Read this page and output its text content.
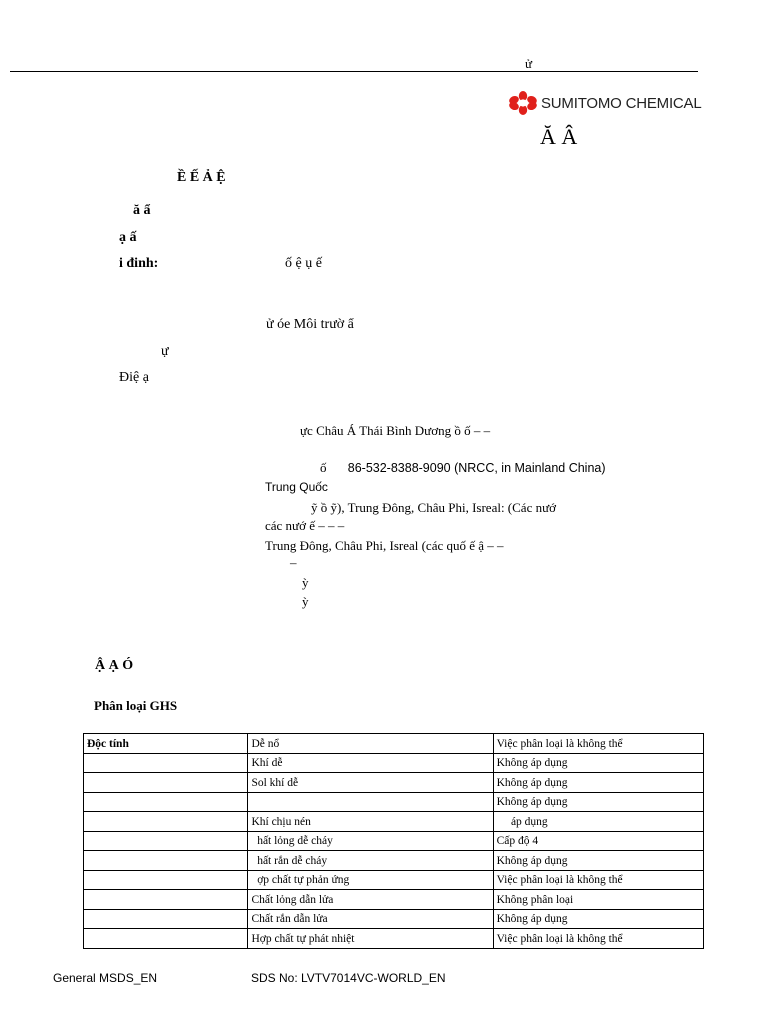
ử
SUMITOMO CHEMICAL
Ă Â
Ề Ế Ả Ệ
ă ẩ
ạ ấ
i đinh:	ố ệ ụ ế
ử óe Môi trườ ẩ
ự
Điệ ạ
ực Châu Á Thái Bình Dương ồ ố – –
ố 86-532-8388-9090 (NRCC, in Mainland China)
Trung Quốc
ỹ ồ ỹ), Trung Đông, Châu Phi, Isreal: (Các nướ
các nướ ế – – –
Trung Đông, Châu Phi, Isreal (các quố ế ậ – –
–
ỳ
ỳ
Ậ Ạ Ó
Phân loại GHS
Độc tính	Dễ nổ	Việc phân loại là không thể
	Khí dễ	Không áp dụng
	Sol khí dễ	Không áp dụng
		Không áp dụng
	Khí chịu nén	áp dụng
	hất lỏng dễ cháy	Cấp độ 4
	hất rắn dễ cháy	Không áp dụng
	ợp chất tự phản ứng	Việc phân loại là không thể
	Chất lỏng dẫn lửa	Không phân loại
	Chất rắn dẫn lửa	Không áp dụng
	Hợp chất tự phát nhiệt	Việc phân loại là không thể
General MSDS_EN	SDS No: LVTV7014VC-WORLD_EN
